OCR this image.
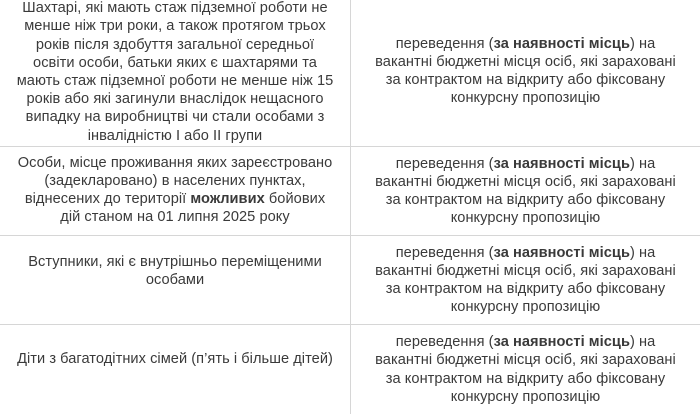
Шахтарі, які мають стаж підземної роботи не менше ніж три роки, а також протягом трьох років після здобуття загальної середньої освіти особи, батьки яких є шахтарями та мають стаж підземної роботи не менше ніж 15 років або які загинули внаслідок нещасного випадку на виробництві чи стали особами з інвалідністю I або II групи
переведення (за наявності місць) на вакантні бюджетні місця осіб, які зараховані за контрактом на відкриту або фіксовану конкурсну пропозицію
Особи, місце проживання яких зареєстровано (задекларовано) в населених пунктах, віднесених до території можливих бойових дій станом на 01 липня 2025 року
переведення (за наявності місць) на вакантні бюджетні місця осіб, які зараховані за контрактом на відкриту або фіксовану конкурсну пропозицію
Вступники, які є внутрішньо переміщеними особами
переведення (за наявності місць) на вакантні бюджетні місця осіб, які зараховані за контрактом на відкриту або фіксовану конкурсну пропозицію
Діти з багатодітних сімей (п’ять і більше дітей)
переведення (за наявності місць) на вакантні бюджетні місця осіб, які зараховані за контрактом на відкриту або фіксовану конкурсну пропозицію
